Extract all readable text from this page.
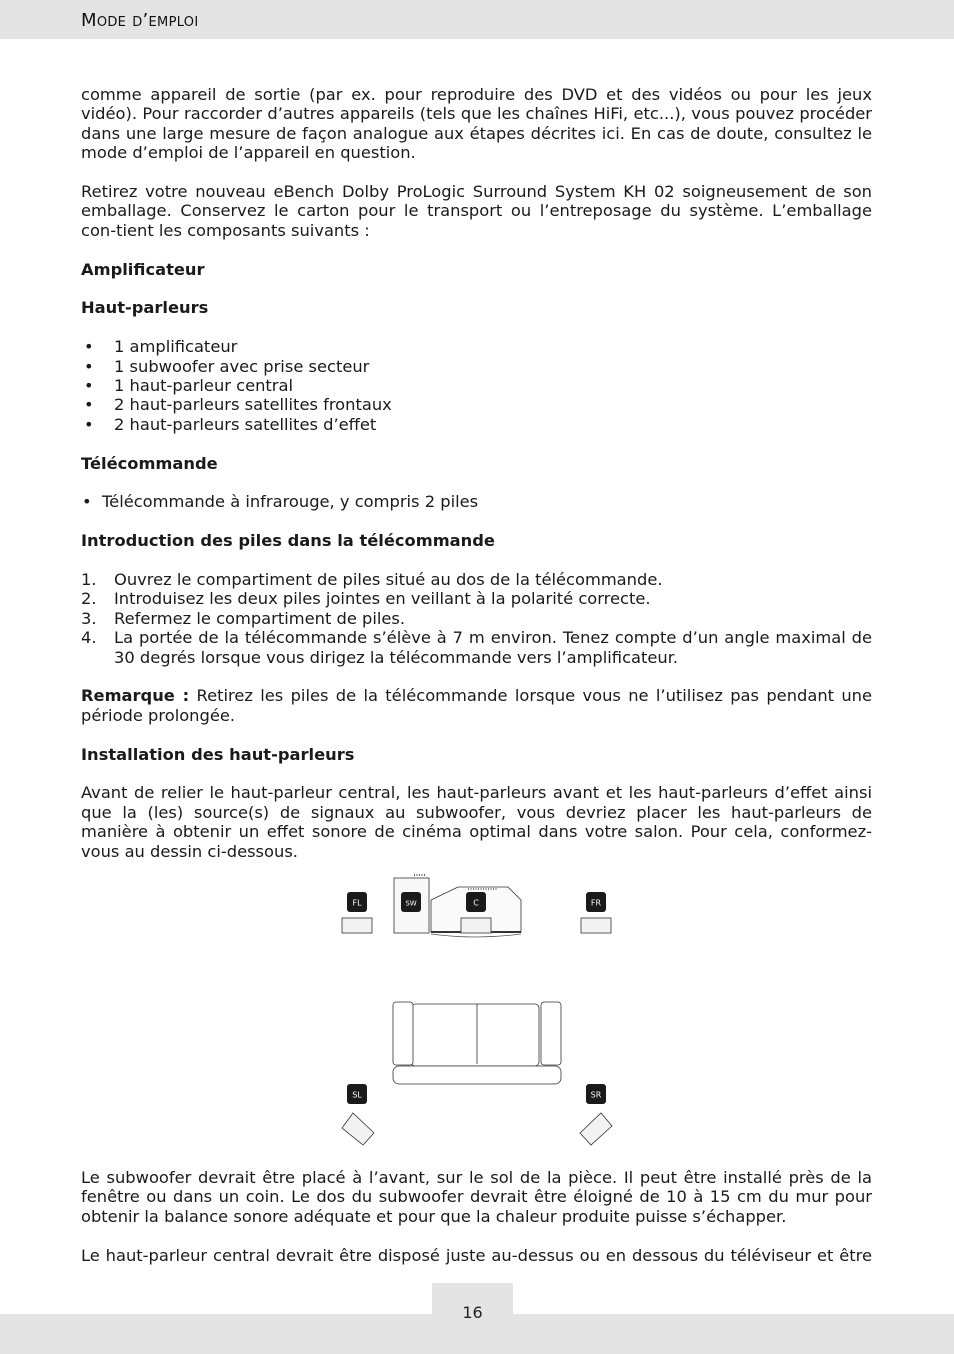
Mode d’emploi

comme appareil de sortie (par ex. pour reproduire des DVD et des vidéos ou pour les jeux vidéo). Pour raccorder d’autres appareils (tels que les chaînes HiFi, etc...), vous pouvez procéder dans une large mesure de façon analogue aux étapes décrites ici. En cas de doute, consultez le mode d’emploi de l’appareil en question.

Retirez votre nouveau eBench Dolby ProLogic Surround System KH 02 soigneusement de son emballage. Conservez le carton pour le transport ou l’entreposage du système. L’emballage con-tient les composants suivants :

Amplificateur
Haut-parleurs
• 1 amplificateur
• 1 subwoofer avec prise secteur
• 1 haut-parleur central
• 2 haut-parleurs satellites frontaux
• 2 haut-parleurs satellites d’effet
Télécommande
• Télécommande à infrarouge, y compris 2 piles
Introduction des piles dans la télécommande
1. Ouvrez le compartiment de piles situé au dos de la télécommande.
2. Introduisez les deux piles jointes en veillant à la polarité correcte.
3. Refermez le compartiment de piles.
4. La portée de la télécommande s’élève à 7 m environ. Tenez compte d’un angle maximal de 30 degrés lorsque vous dirigez la télécommande vers l’amplificateur.

Remarque : Retirez les piles de la télécommande lorsque vous ne l’utilisez pas pendant une période prolongée.

Installation des haut-parleurs

Avant de relier le haut-parleur central, les haut-parleurs avant et les haut-parleurs d’effet ainsi que la (les) source(s) de signaux au subwoofer, vous devriez placer les haut-parleurs de manière à obtenir un effet sonore de cinéma optimal dans votre salon. Pour cela, conformez-vous au dessin ci-dessous.

FL	SW	C	FR
SL	SR

Le subwoofer devrait être placé à l’avant, sur le sol de la pièce. Il peut être installé près de la fenêtre ou dans un coin. Le dos du subwoofer devrait être éloigné de 10 à 15 cm du mur pour obtenir la balance sonore adéquate et pour que la chaleur produite puisse s’échapper.

Le haut-parleur central devrait être disposé juste au-dessus ou en dessous du téléviseur et être

16
